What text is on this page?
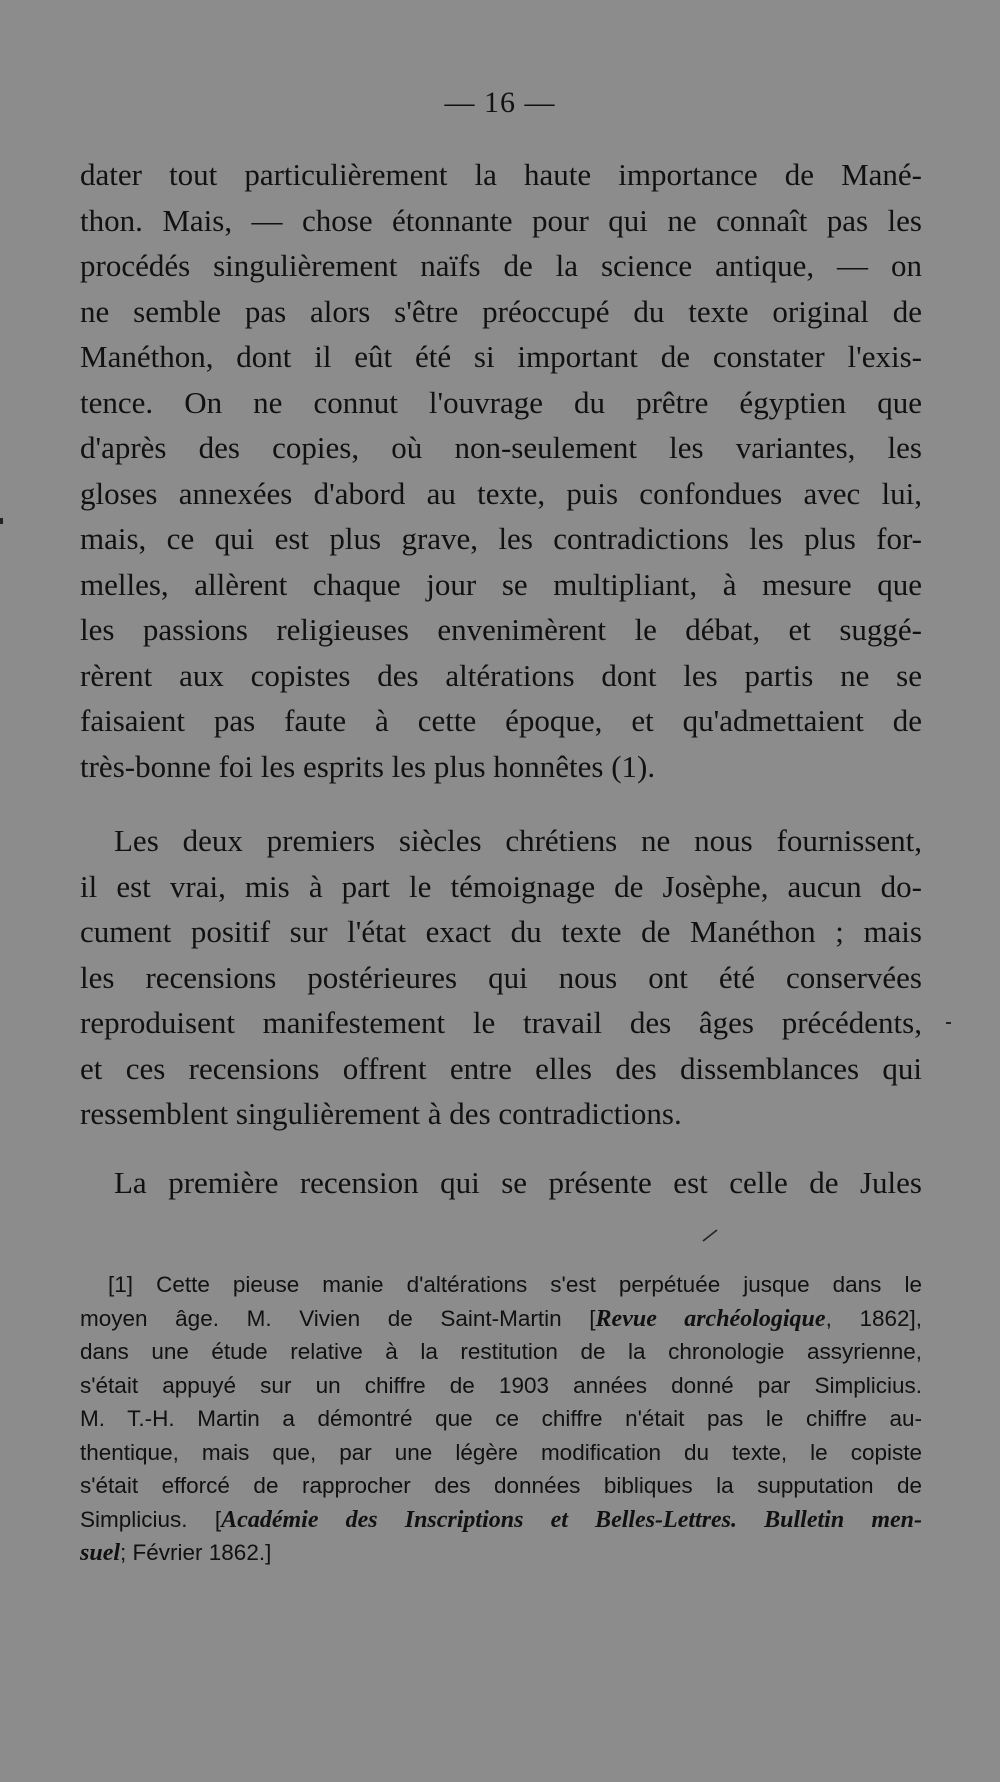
— 16 —
dater tout particulièrement la haute importance de Mané-
thon. Mais, — chose étonnante pour qui ne connaît pas les
procédés singulièrement naïfs de la science antique, — on
ne semble pas alors s'être préoccupé du texte original de
Manéthon, dont il eût été si important de constater l'exis-
tence. On ne connut l'ouvrage du prêtre égyptien que
d'après des copies, où non-seulement les variantes, les
gloses annexées d'abord au texte, puis confondues avec lui,
mais, ce qui est plus grave, les contradictions les plus for-
melles, allèrent chaque jour se multipliant, à mesure que
les passions religieuses envenimèrent le débat, et suggé-
rèrent aux copistes des altérations dont les partis ne se
faisaient pas faute à cette époque, et qu'admettaient de
très-bonne foi les esprits les plus honnêtes (1).
Les deux premiers siècles chrétiens ne nous fournissent,
il est vrai, mis à part le témoignage de Josèphe, aucun do-
cument positif sur l'état exact du texte de Manéthon ; mais
les recensions postérieures qui nous ont été conservées
reproduisent manifestement le travail des âges précédents,
et ces recensions offrent entre elles des dissemblances qui
ressemblent singulièrement à des contradictions.
La première recension qui se présente est celle de Jules
[1] Cette pieuse manie d'altérations s'est perpétuée jusque dans le
moyen âge. M. Vivien de Saint-Martin [Revue archéologique, 1862],
dans une étude relative à la restitution de la chronologie assyrienne,
s'était appuyé sur un chiffre de 1903 années donné par Simplicius.
M. T.-H. Martin a démontré que ce chiffre n'était pas le chiffre au-
thentique, mais que, par une légère modification du texte, le copiste
s'était efforcé de rapprocher des données bibliques la supputation de
Simplicius. [Académie des Inscriptions et Belles-Lettres. Bulletin men-
suel; Février 1862.]
